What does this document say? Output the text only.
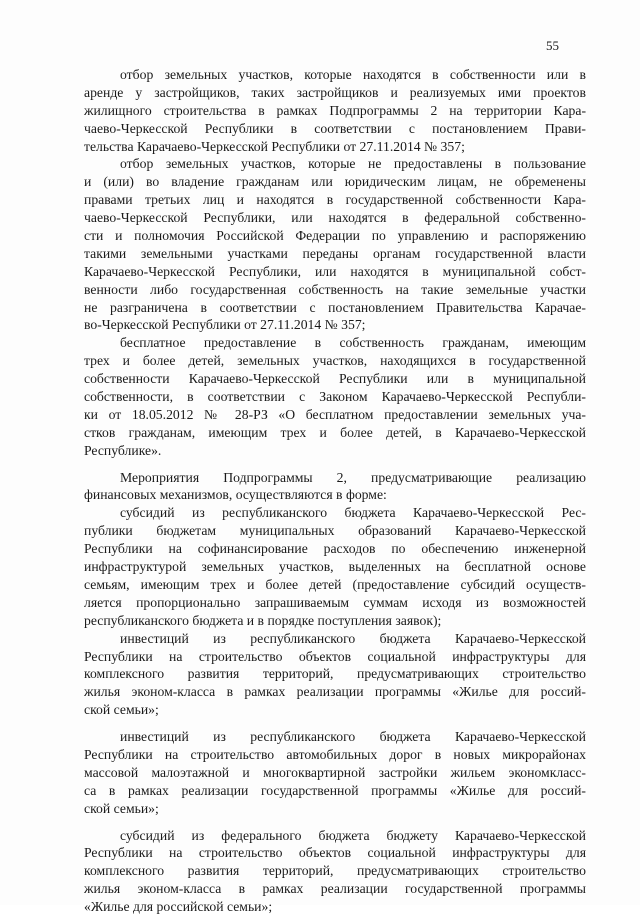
55
отбор земельных участков, которые находятся в собственности или в
аренде у застройщиков, таких застройщиков и реализуемых ими проектов
жилищного строительства в рамках Подпрограммы 2 на территории Кара-
чаево-Черкесской Республики в соответствии с постановлением Прави-
тельства Карачаево-Черкесской Республики от 27.11.2014 № 357;
отбор земельных участков, которые не предоставлены в пользование
и (или) во владение гражданам или юридическим лицам, не обременены
правами третьих лиц и находятся в государственной собственности Кара-
чаево-Черкесской Республики, или находятся в федеральной собственно-
сти и полномочия Российской Федерации по управлению и распоряжению
такими земельными участками переданы органам государственной власти
Карачаево-Черкесской Республики, или находятся в муниципальной собст-
венности либо государственная собственность на такие земельные участки
не разграничена в соответствии с постановлением Правительства Карачае-
во-Черкесской Республики от 27.11.2014 № 357;
бесплатное предоставление в собственность гражданам, имеющим
трех и более детей, земельных участков, находящихся в государственной
собственности Карачаево-Черкесской Республики или в муниципальной
собственности, в соответствии с Законом Карачаево-Черкесской Республи-
ки от 18.05.2012 № 28-РЗ «О бесплатном предоставлении земельных уча-
стков гражданам, имеющим трех и более детей, в Карачаево-Черкесской
Республике».
Мероприятия Подпрограммы 2, предусматривающие реализацию
финансовых механизмов, осуществляются в форме:
субсидий из республиканского бюджета Карачаево-Черкесской Рес-
публики бюджетам муниципальных образований Карачаево-Черкесской
Республики на софинансирование расходов по обеспечению инженерной
инфраструктурой земельных участков, выделенных на бесплатной основе
семьям, имеющим трех и более детей (предоставление субсидий осуществ-
ляется пропорционально запрашиваемым суммам исходя из возможностей
республиканского бюджета и в порядке поступления заявок);
инвестиций из республиканского бюджета Карачаево-Черкесской
Республики на строительство объектов социальной инфраструктуры для
комплексного развития территорий, предусматривающих строительство
жилья эконом-класса в рамках реализации программы «Жилье для россий-
ской семьи»;
инвестиций из республиканского бюджета Карачаево-Черкесской
Республики на строительство автомобильных дорог в новых микрорайонах
массовой малоэтажной и многоквартирной застройки жильем экономкласс-
са в рамках реализации государственной программы «Жилье для россий-
ской семьи»;
субсидий из федерального бюджета бюджету Карачаево-Черкесской
Республики на строительство объектов социальной инфраструктуры для
комплексного развития территорий, предусматривающих строительство
жилья эконом-класса в рамках реализации государственной программы
«Жилье для российской семьи»;
